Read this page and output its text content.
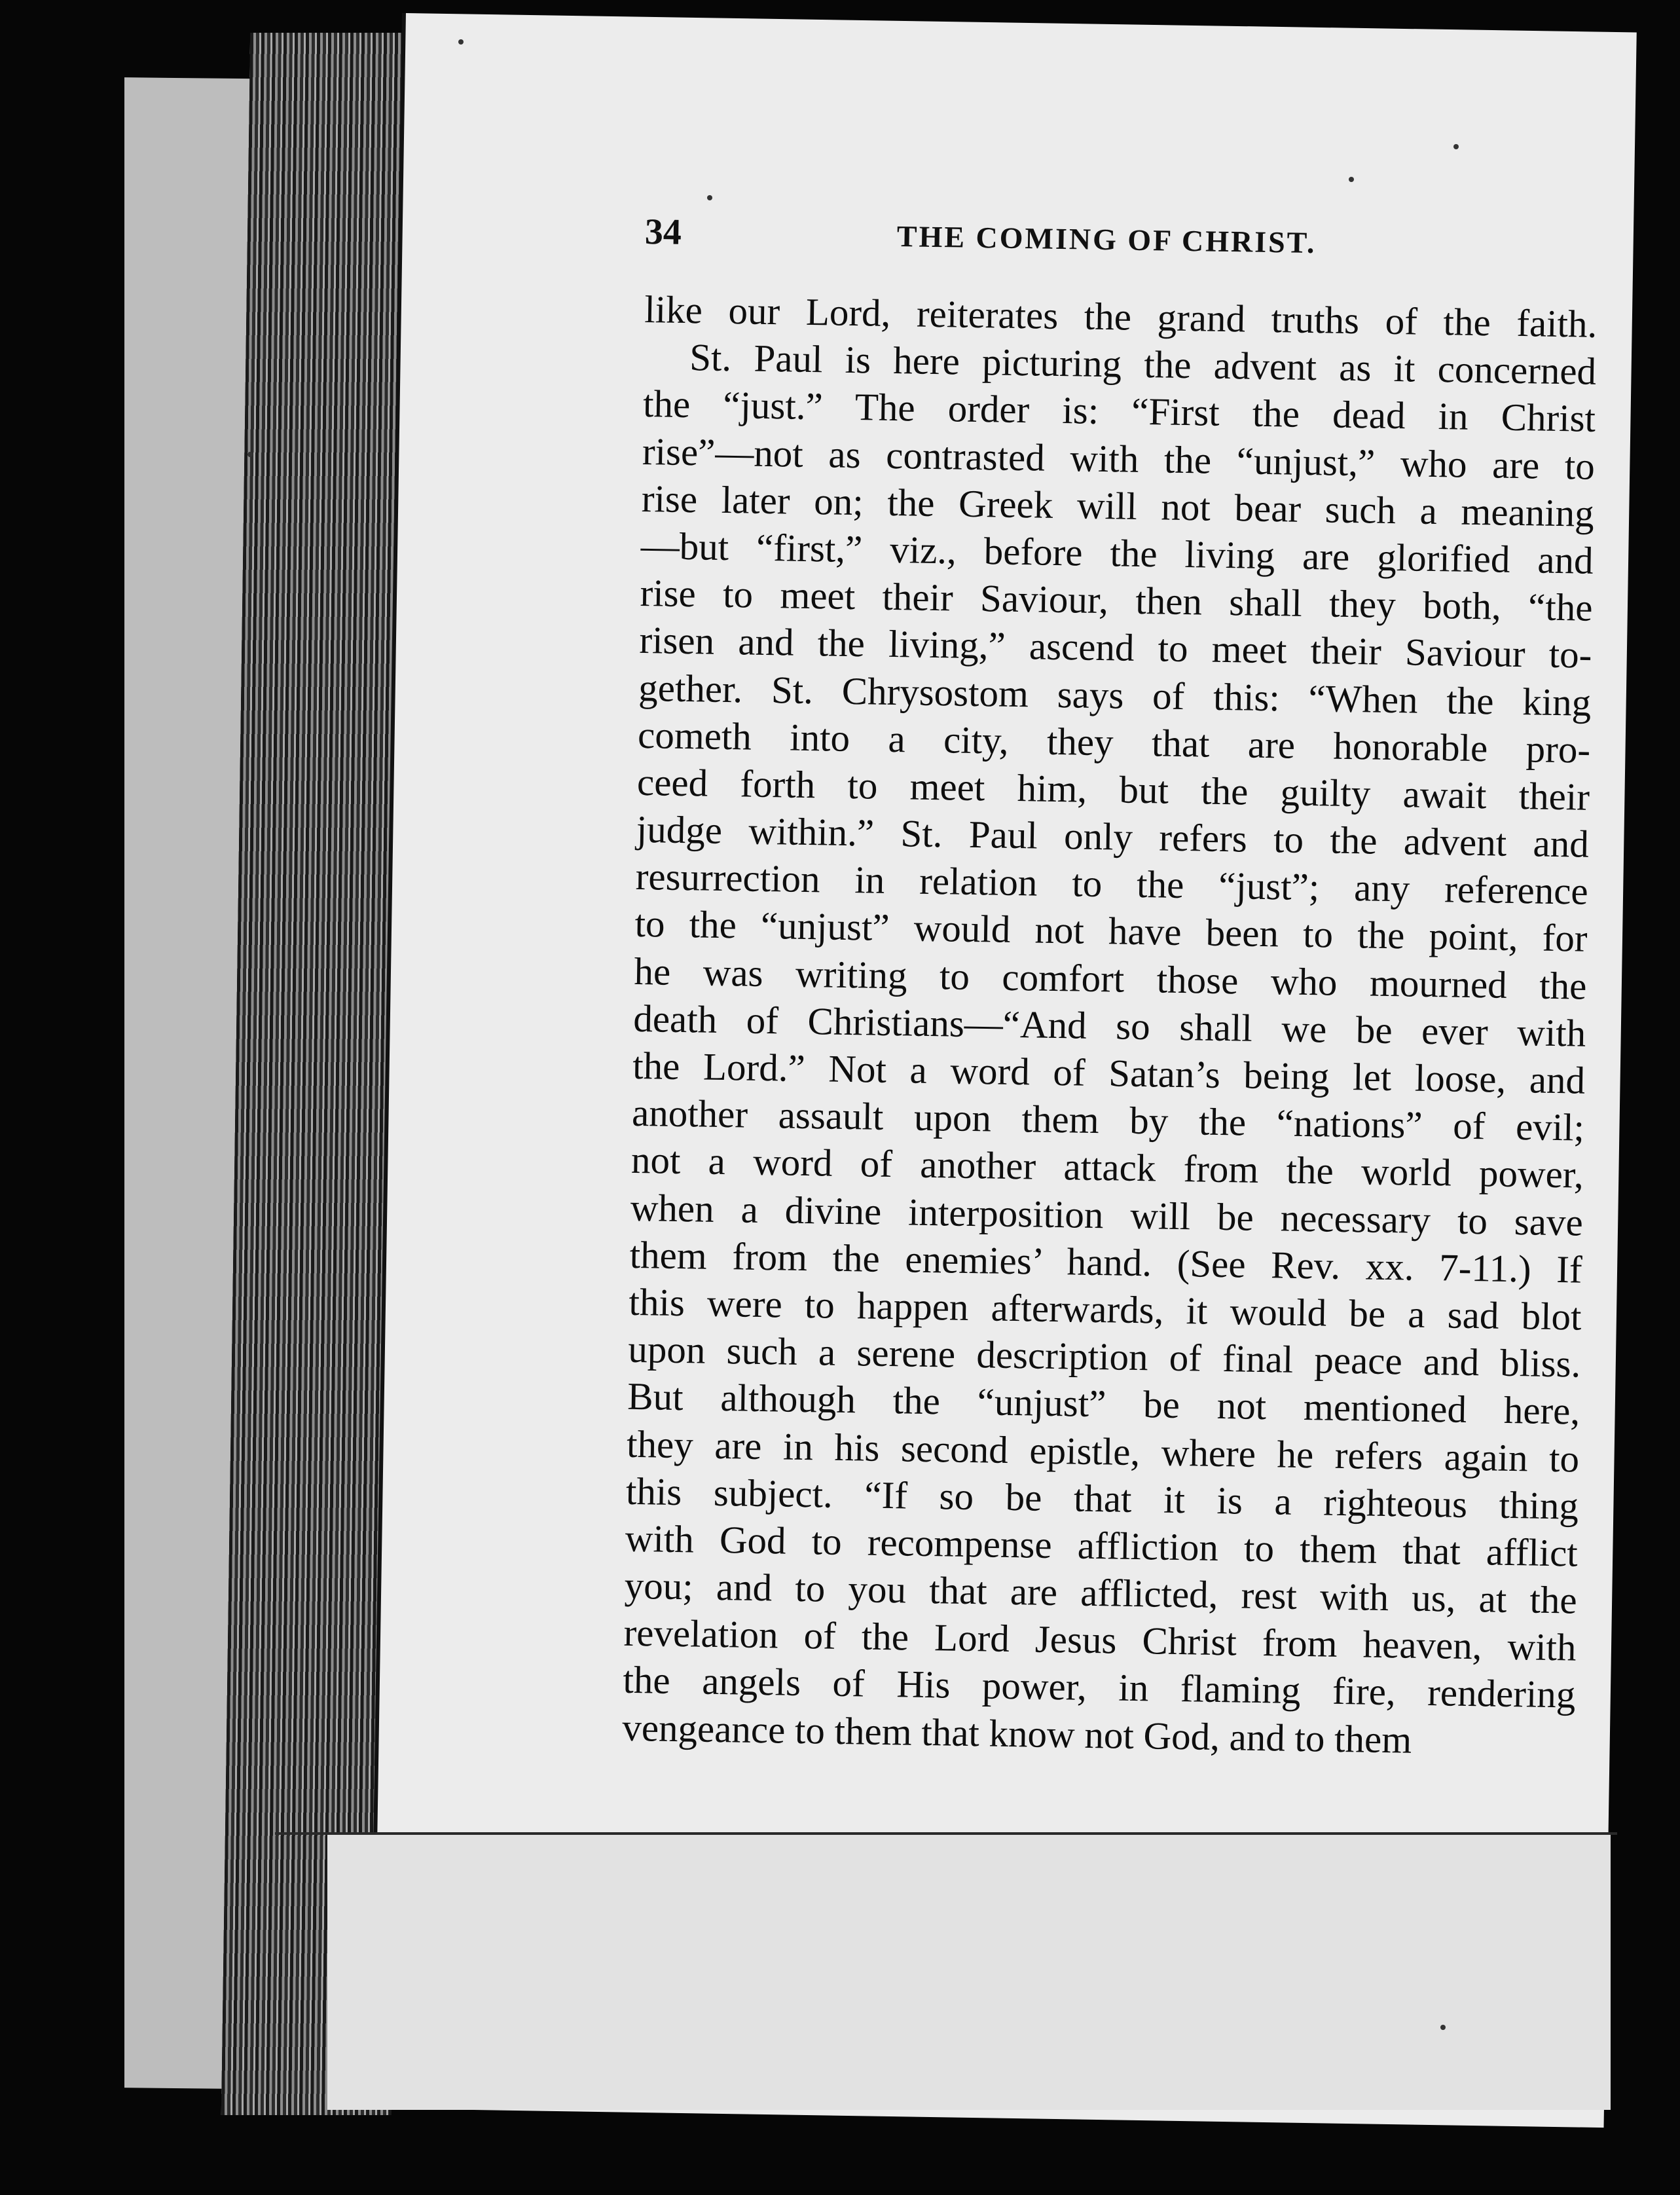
34	THE COMING OF CHRIST.
like our Lord, reiterates the grand truths of the faith.
St. Paul is here picturing the advent as it concerned
the “just.” The order is: “First the dead in Christ
rise”—not as contrasted with the “unjust,” who are to
rise later on; the Greek will not bear such a meaning
—but “first,” viz., before the living are glorified and
rise to meet their Saviour, then shall they both, “the
risen and the living,” ascend to meet their Saviour to-
gether. St. Chrysostom says of this: “When the king
cometh into a city, they that are honorable pro-
ceed forth to meet him, but the guilty await their
judge within.” St. Paul only refers to the advent and
resurrection in relation to the “just”; any reference
to the “unjust” would not have been to the point, for
he was writing to comfort those who mourned the
death of Christians—“And so shall we be ever with
the Lord.” Not a word of Satan’s being let loose, and
another assault upon them by the “nations” of evil;
not a word of another attack from the world power,
when a divine interposition will be necessary to save
them from the enemies’ hand. (See Rev. xx. 7-11.) If
this were to happen afterwards, it would be a sad blot
upon such a serene description of final peace and bliss.
But although the “unjust” be not mentioned here,
they are in his second epistle, where he refers again to
this subject. “If so be that it is a righteous thing
with God to recompense affliction to them that afflict
you; and to you that are afflicted, rest with us, at the
revelation of the Lord Jesus Christ from heaven, with
the angels of His power, in flaming fire, rendering
vengeance to them that know not God, and to them
